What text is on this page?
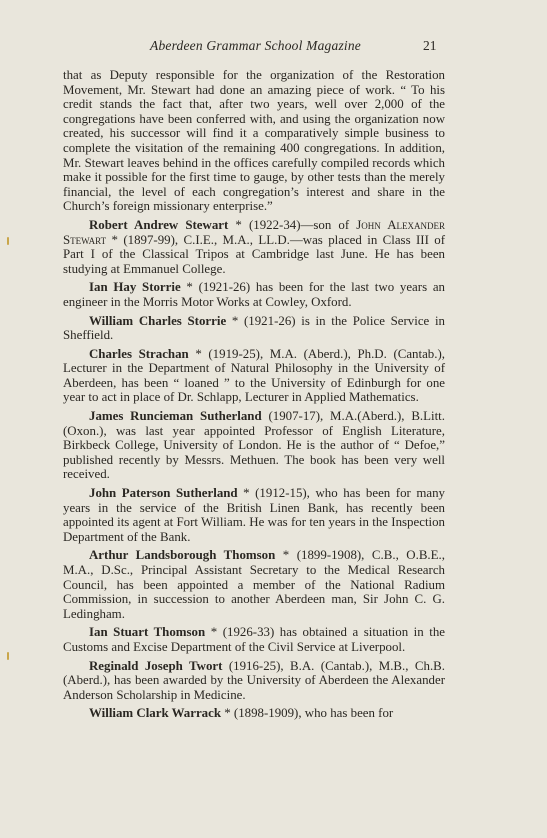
Aberdeen Grammar School Magazine	21

that as Deputy responsible for the organization of the Restoration Movement, Mr. Stewart had done an amazing piece of work. “ To his credit stands the fact that, after two years, well over 2,000 of the congregations have been conferred with, and using the organization now created, his successor will find it a comparatively simple business to complete the visitation of the remaining 400 congregations. In addition, Mr. Stewart leaves behind in the offices carefully compiled records which make it possible for the first time to gauge, by other tests than the merely financial, the level of each congregation’s interest and share in the Church’s foreign missionary enterprise.”

Robert Andrew Stewart * (1922-34)—son of John Alexander Stewart * (1897-99), C.I.E., M.A., LL.D.—was placed in Class III of Part I of the Classical Tripos at Cambridge last June. He has been studying at Emmanuel College.

Ian Hay Storrie * (1921-26) has been for the last two years an engineer in the Morris Motor Works at Cowley, Oxford.

William Charles Storrie * (1921-26) is in the Police Service in Sheffield.

Charles Strachan * (1919-25), M.A. (Aberd.), Ph.D. (Cantab.), Lecturer in the Department of Natural Philosophy in the University of Aberdeen, has been “ loaned ” to the University of Edinburgh for one year to act in place of Dr. Schlapp, Lecturer in Applied Mathematics.

James Runcieman Sutherland (1907-17), M.A.(Aberd.), B.Litt. (Oxon.), was last year appointed Professor of English Literature, Birkbeck College, University of London. He is the author of “ Defoe,” published recently by Messrs. Methuen. The book has been very well received.

John Paterson Sutherland * (1912-15), who has been for many years in the service of the British Linen Bank, has recently been appointed its agent at Fort William. He was for ten years in the Inspection Department of the Bank.

Arthur Landsborough Thomson * (1899-1908), C.B., O.B.E., M.A., D.Sc., Principal Assistant Secretary to the Medical Research Council, has been appointed a member of the National Radium Commission, in succession to another Aberdeen man, Sir John C. G. Ledingham.

Ian Stuart Thomson * (1926-33) has obtained a situation in the Customs and Excise Department of the Civil Service at Liverpool.

Reginald Joseph Twort (1916-25), B.A. (Cantab.), M.B., Ch.B.(Aberd.), has been awarded by the University of Aberdeen the Alexander Anderson Scholarship in Medicine.

William Clark Warrack * (1898-1909), who has been for
